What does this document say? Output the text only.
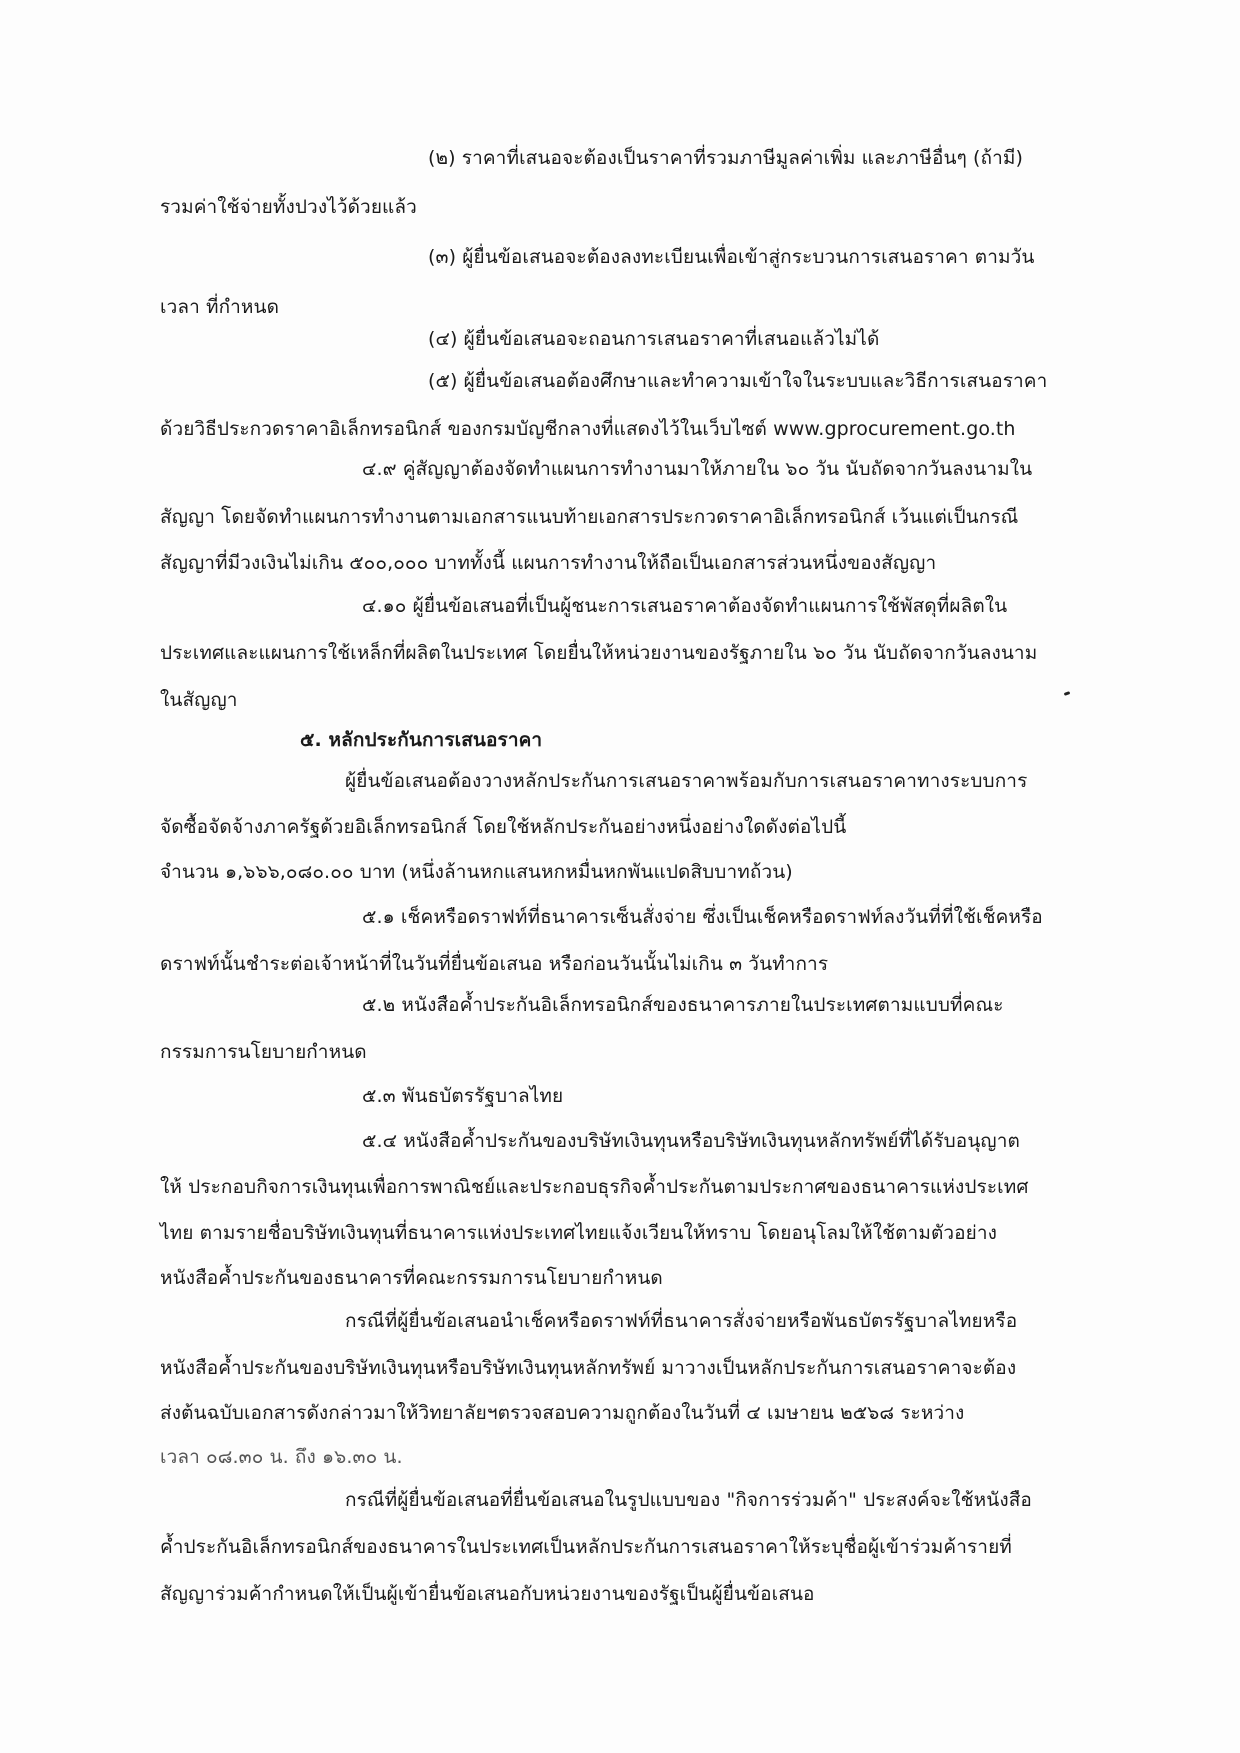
(๒) ราคาที่เสนอจะต้องเป็นราคาที่รวมภาษีมูลค่าเพิ่ม และภาษีอื่นๆ (ถ้ามี)
รวมค่าใช้จ่ายทั้งปวงไว้ด้วยแล้ว
(๓) ผู้ยื่นข้อเสนอจะต้องลงทะเบียนเพื่อเข้าสู่กระบวนการเสนอราคา ตามวัน
เวลา ที่กำหนด
(๔) ผู้ยื่นข้อเสนอจะถอนการเสนอราคาที่เสนอแล้วไม่ได้
(๕) ผู้ยื่นข้อเสนอต้องศึกษาและทำความเข้าใจในระบบและวิธีการเสนอราคา
ด้วยวิธีประกวดราคาอิเล็กทรอนิกส์ ของกรมบัญชีกลางที่แสดงไว้ในเว็บไซต์ www.gprocurement.go.th
๔.๙ คู่สัญญาต้องจัดทำแผนการทำงานมาให้ภายใน ๖๐ วัน นับถัดจากวันลงนามใน
สัญญา โดยจัดทำแผนการทำงานตามเอกสารแนบท้ายเอกสารประกวดราคาอิเล็กทรอนิกส์ เว้นแต่เป็นกรณี
สัญญาที่มีวงเงินไม่เกิน ๕๐๐,๐๐๐ บาททั้งนี้ แผนการทำงานให้ถือเป็นเอกสารส่วนหนึ่งของสัญญา
๔.๑๐ ผู้ยื่นข้อเสนอที่เป็นผู้ชนะการเสนอราคาต้องจัดทำแผนการใช้พัสดุที่ผลิตใน
ประเทศและแผนการใช้เหล็กที่ผลิตในประเทศ โดยยื่นให้หน่วยงานของรัฐภายใน ๖๐ วัน นับถัดจากวันลงนาม
ในสัญญา
๕. หลักประกันการเสนอราคา
ผู้ยื่นข้อเสนอต้องวางหลักประกันการเสนอราคาพร้อมกับการเสนอราคาทางระบบการ
จัดซื้อจัดจ้างภาครัฐด้วยอิเล็กทรอนิกส์ โดยใช้หลักประกันอย่างหนึ่งอย่างใดดังต่อไปนี้
จำนวน ๑,๖๖๖,๐๘๐.๐๐ บาท (หนึ่งล้านหกแสนหกหมื่นหกพันแปดสิบบาทถ้วน)
๕.๑ เช็คหรือดราฟท์ที่ธนาคารเซ็นสั่งจ่าย ซึ่งเป็นเช็คหรือดราฟท์ลงวันที่ที่ใช้เช็คหรือ
ดราฟท์นั้นชำระต่อเจ้าหน้าที่ในวันที่ยื่นข้อเสนอ หรือก่อนวันนั้นไม่เกิน ๓ วันทำการ
๕.๒ หนังสือค้ำประกันอิเล็กทรอนิกส์ของธนาคารภายในประเทศตามแบบที่คณะ
กรรมการนโยบายกำหนด
๕.๓ พันธบัตรรัฐบาลไทย
๕.๔ หนังสือค้ำประกันของบริษัทเงินทุนหรือบริษัทเงินทุนหลักทรัพย์ที่ได้รับอนุญาต
ให้ ประกอบกิจการเงินทุนเพื่อการพาณิชย์และประกอบธุรกิจค้ำประกันตามประกาศของธนาคารแห่งประเทศ
ไทย ตามรายชื่อบริษัทเงินทุนที่ธนาคารแห่งประเทศไทยแจ้งเวียนให้ทราบ โดยอนุโลมให้ใช้ตามตัวอย่าง
หนังสือค้ำประกันของธนาคารที่คณะกรรมการนโยบายกำหนด
กรณีที่ผู้ยื่นข้อเสนอนำเช็คหรือดราฟท์ที่ธนาคารสั่งจ่ายหรือพันธบัตรรัฐบาลไทยหรือ
หนังสือค้ำประกันของบริษัทเงินทุนหรือบริษัทเงินทุนหลักทรัพย์ มาวางเป็นหลักประกันการเสนอราคาจะต้อง
ส่งต้นฉบับเอกสารดังกล่าวมาให้วิทยาลัยฯตรวจสอบความถูกต้องในวันที่ ๔ เมษายน ๒๕๖๘ ระหว่าง
เวลา ๐๘.๓๐ น. ถึง ๑๖.๓๐ น.
กรณีที่ผู้ยื่นข้อเสนอที่ยื่นข้อเสนอในรูปแบบของ "กิจการร่วมค้า" ประสงค์จะใช้หนังสือ
ค้ำประกันอิเล็กทรอนิกส์ของธนาคารในประเทศเป็นหลักประกันการเสนอราคาให้ระบุชื่อผู้เข้าร่วมค้ารายที่
สัญญาร่วมค้ากำหนดให้เป็นผู้เข้ายื่นข้อเสนอกับหน่วยงานของรัฐเป็นผู้ยื่นข้อเสนอ
